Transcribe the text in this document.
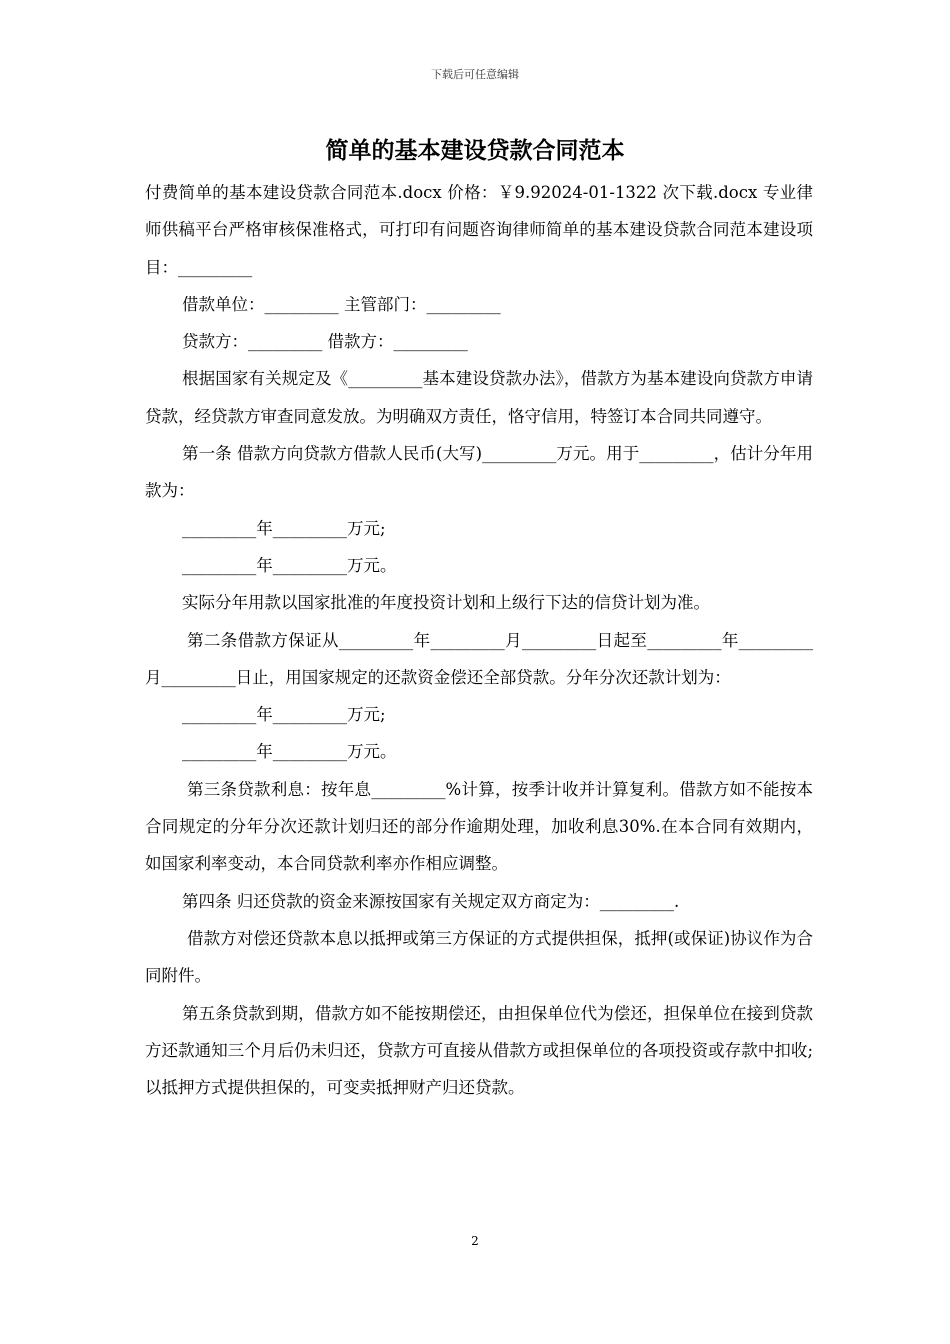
下载后可任意编辑
简单的基本建设贷款合同范本

付费简单的基本建设贷款合同范本.docx 价格：￥9.92024-01-1322 次下载.docx 专业律师供稿平台严格审核保准格式，可打印有问题咨询律师简单的基本建设贷款合同范本建设项目：_________

借款单位：_________ 主管部门：_________

贷款方：_________ 借款方：_________

根据国家有关规定及《_________基本建设贷款办法》，借款方为基本建设向贷款方申请贷款，经贷款方审查同意发放。为明确双方责任，恪守信用，特签订本合同共同遵守。

第一条 借款方向贷款方借款人民币(大写)_________万元。用于_________，估计分年用款为：

_________年_________万元;

_________年_________万元。

实际分年用款以国家批准的年度投资计划和上级行下达的信贷计划为准。

第二条借款方保证从_________年_________月_________日起至_________年_________月_________日止，用国家规定的还款资金偿还全部贷款。分年分次还款计划为：

_________年_________万元;

_________年_________万元。

第三条贷款利息：按年息_________%计算，按季计收并计算复利。借款方如不能按本合同规定的分年分次还款计划归还的部分作逾期处理，加收利息30%.在本合同有效期内，如国家利率变动，本合同贷款利率亦作相应调整。

第四条 归还贷款的资金来源按国家有关规定双方商定为：_________.

借款方对偿还贷款本息以抵押或第三方保证的方式提供担保，抵押(或保证)协议作为合同附件。

第五条贷款到期，借款方如不能按期偿还，由担保单位代为偿还，担保单位在接到贷款方还款通知三个月后仍未归还，贷款方可直接从借款方或担保单位的各项投资或存款中扣收;以抵押方式提供担保的，可变卖抵押财产归还贷款。

2
